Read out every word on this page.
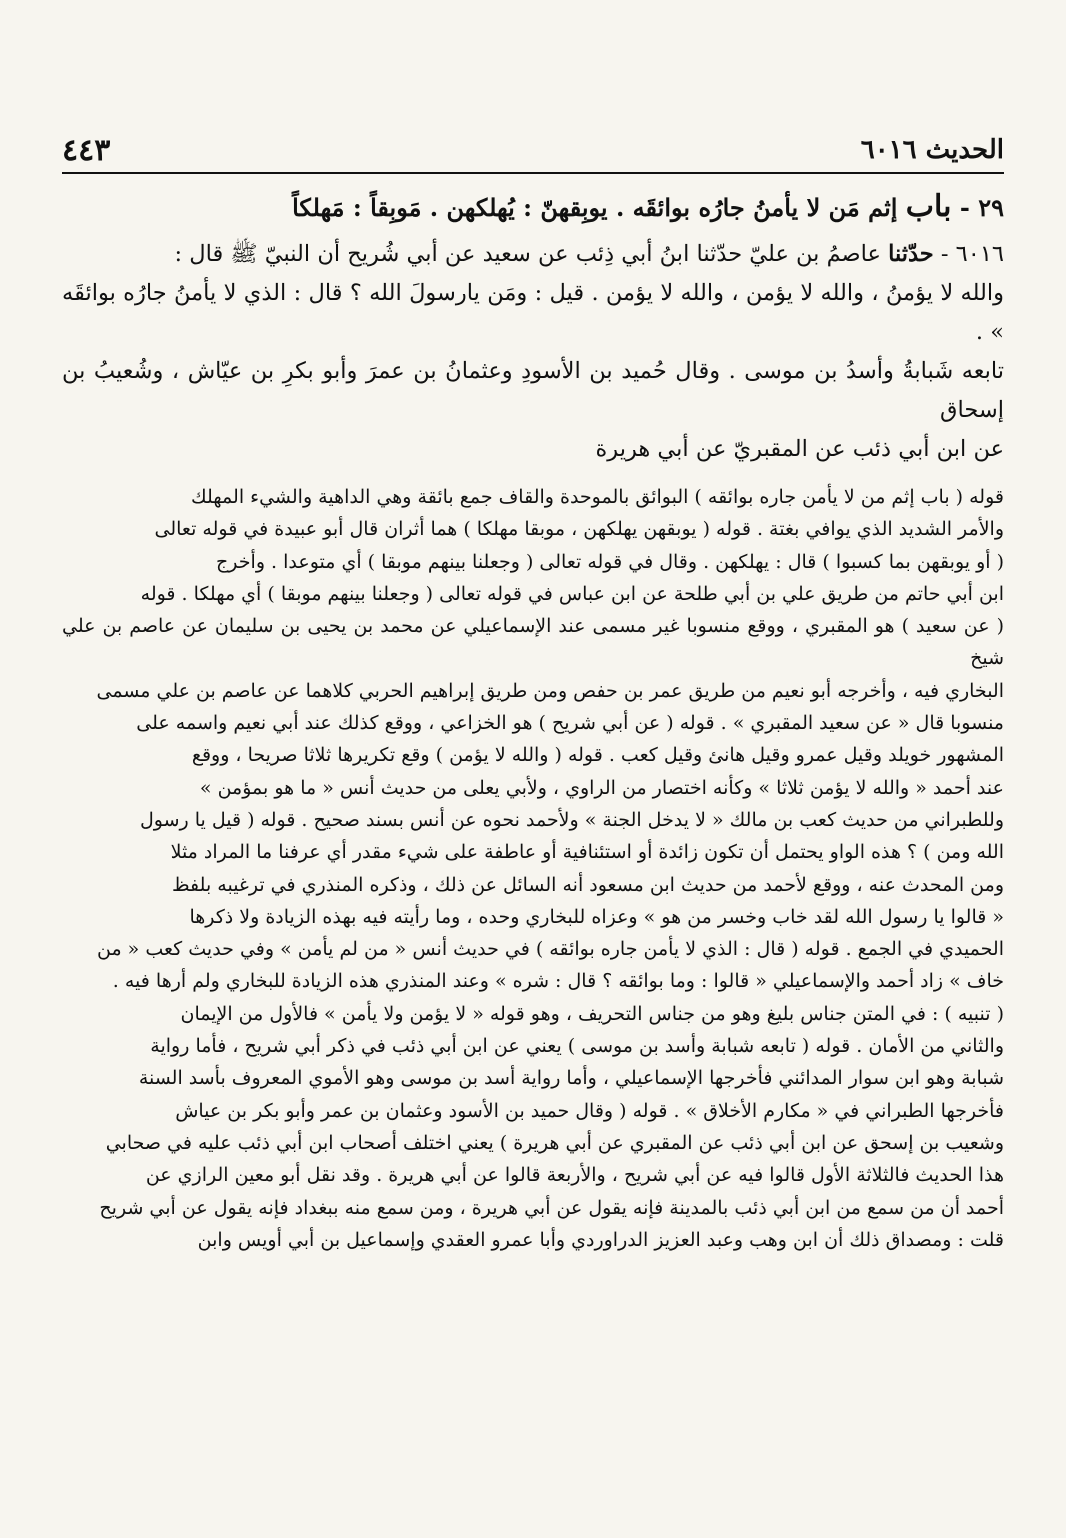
الحديث ٦٠١٦
٤٤٣
٢٩ - باب إثم مَن لا يأمنُ جارُه بوائقَه . يوبِقهنّ : يُهلكهن . مَوبِقاً : مَهلكاً
٦٠١٦ - حدّثنا عاصمُ بن عليّ حدّثنا ابنُ أبي ذِئب عن سعيد عن أبي شُريح أن النبيّ ﷺ قال :
والله لا يؤمنُ ، والله لا يؤمن ، والله لا يؤمن . قيل : ومَن يارسولَ الله ؟ قال : الذي لا يأمنُ جارُه بوائقَه » .
تابعه شَبابةُ وأسدُ بن موسى . وقال حُميد بن الأسودِ وعثمانُ بن عمرَ وأبو بكرِ بن عيّاش ، وشُعيبُ بن إسحاق
عن ابن أبي ذئب عن المقبريّ عن أبي هريرة

قوله ( باب إثم من لا يأمن جاره بوائقه ) البوائق بالموحدة والقاف جمع بائقة وهي الداهية والشيء المهلك

والأمر الشديد الذي يوافي بغتة . قوله ( يوبقهن يهلكهن ، موبقا مهلكا ) هما أثران قال أبو عبيدة في قوله تعالى

( أو يوبقهن بما كسبوا ) قال : يهلكهن . وقال في قوله تعالى ( وجعلنا بينهم موبقا ) أي متوعدا . وأخرج

ابن أبي حاتم من طريق علي بن أبي طلحة عن ابن عباس في قوله تعالى ( وجعلنا بينهم موبقا ) أي مهلكا . قوله

( عن سعيد ) هو المقبري ، ووقع منسوبا غير مسمى عند الإسماعيلي عن محمد بن يحيى بن سليمان عن عاصم بن علي شيخ

البخاري فيه ، وأخرجه أبو نعيم من طريق عمر بن حفص ومن طريق إبراهيم الحربي كلاهما عن عاصم بن علي مسمى

منسوبا قال « عن سعيد المقبري » . قوله ( عن أبي شريح ) هو الخزاعي ، ووقع كذلك عند أبي نعيم واسمه على

المشهور خويلد وقيل عمرو وقيل هانئ وقيل كعب . قوله ( والله لا يؤمن ) وقع تكريرها ثلاثا صريحا ، ووقع

عند أحمد « والله لا يؤمن ثلاثا » وكأنه اختصار من الراوي ، ولأبي يعلى من حديث أنس « ما هو بمؤمن »

وللطبراني من حديث كعب بن مالك « لا يدخل الجنة » ولأحمد نحوه عن أنس بسند صحيح . قوله ( قيل يا رسول

الله ومن ) ؟ هذه الواو يحتمل أن تكون زائدة أو استئنافية أو عاطفة على شيء مقدر أي عرفنا ما المراد مثلا

ومن المحدث عنه ، ووقع لأحمد من حديث ابن مسعود أنه السائل عن ذلك ، وذكره المنذري في ترغيبه بلفظ

« قالوا يا رسول الله لقد خاب وخسر من هو » وعزاه للبخاري وحده ، وما رأيته فيه بهذه الزيادة ولا ذكرها

الحميدي في الجمع . قوله ( قال : الذي لا يأمن جاره بوائقه ) في حديث أنس « من لم يأمن » وفي حديث كعب « من

خاف » زاد أحمد والإسماعيلي « قالوا : وما بوائقه ؟ قال : شره » وعند المنذري هذه الزيادة للبخاري ولم أرها فيه .

( تنبيه ) : في المتن جناس بليغ وهو من جناس التحريف ، وهو قوله « لا يؤمن ولا يأمن » فالأول من الإيمان

والثاني من الأمان . قوله ( تابعه شبابة وأسد بن موسى ) يعني عن ابن أبي ذئب في ذكر أبي شريح ، فأما رواية

شبابة وهو ابن سوار المدائني فأخرجها الإسماعيلي ، وأما رواية أسد بن موسى وهو الأموي المعروف بأسد السنة

فأخرجها الطبراني في « مكارم الأخلاق » . قوله ( وقال حميد بن الأسود وعثمان بن عمر وأبو بكر بن عياش

وشعيب بن إسحق عن ابن أبي ذئب عن المقبري عن أبي هريرة ) يعني اختلف أصحاب ابن أبي ذئب عليه في صحابي

هذا الحديث فالثلاثة الأول قالوا فيه عن أبي شريح ، والأربعة قالوا عن أبي هريرة . وقد نقل أبو معين الرازي عن

أحمد أن من سمع من ابن أبي ذئب بالمدينة فإنه يقول عن أبي هريرة ، ومن سمع منه ببغداد فإنه يقول عن أبي شريح

قلت : ومصداق ذلك أن ابن وهب وعبد العزيز الدراوردي وأبا عمرو العقدي وإسماعيل بن أبي أويس وابن
